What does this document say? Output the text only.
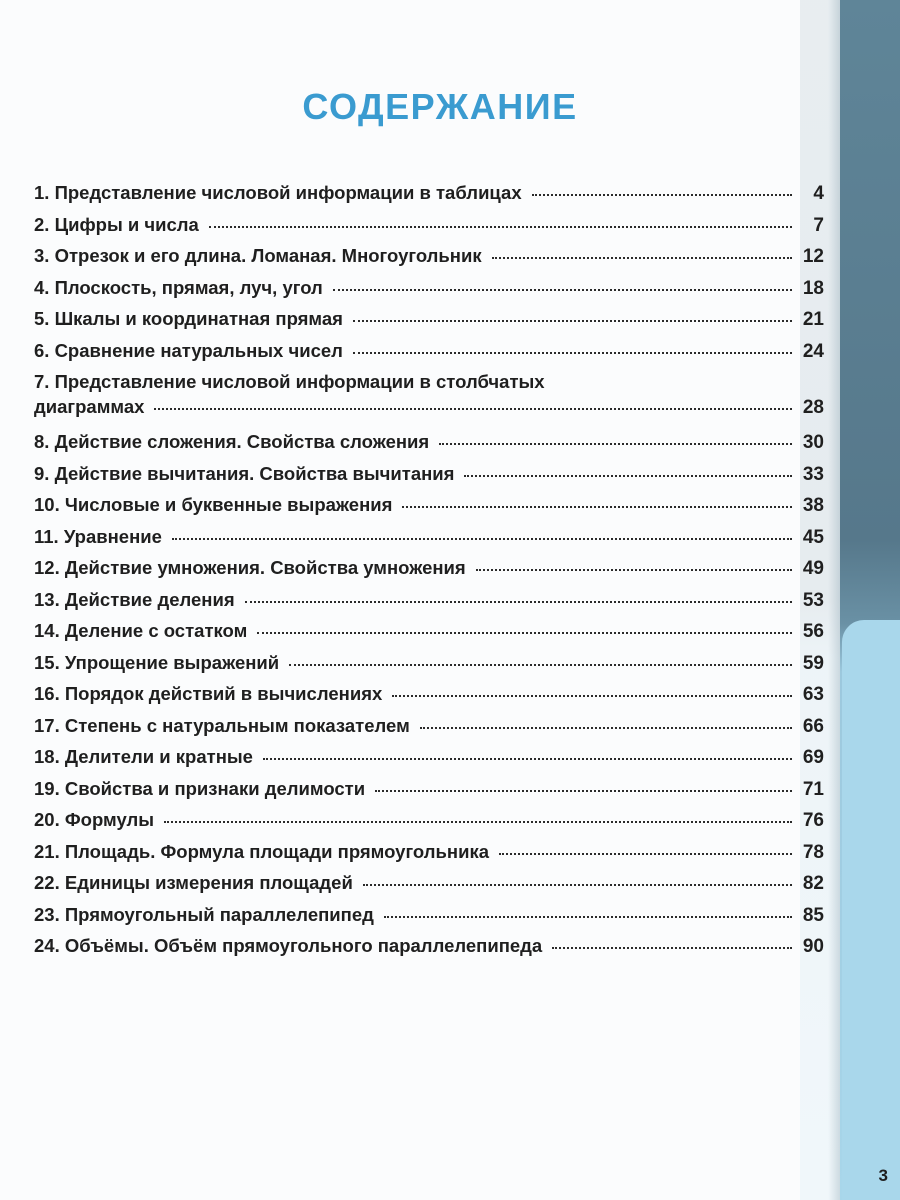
СОДЕРЖАНИЕ
1. Представление числовой информации в таблицах	4
2. Цифры и числа	7
3. Отрезок и его длина. Ломаная. Многоугольник	12
4. Плоскость, прямая, луч, угол	18
5. Шкалы и координатная прямая	21
6. Сравнение натуральных чисел	24
7. Представление числовой информации в столбчатых
диаграммах	28
8. Действие сложения. Свойства сложения	30
9. Действие вычитания. Свойства вычитания	33
10. Числовые и буквенные выражения	38
11. Уравнение	45
12. Действие умножения. Свойства умножения	49
13. Действие деления	53
14. Деление с остатком	56
15. Упрощение выражений	59
16. Порядок действий в вычислениях	63
17. Степень с натуральным показателем	66
18. Делители и кратные	69
19. Свойства и признаки делимости	71
20. Формулы	76
21. Площадь. Формула площади прямоугольника	78
22. Единицы измерения площадей	82
23. Прямоугольный параллелепипед	85
24. Объёмы. Объём прямоугольного параллелепипеда	90
3
